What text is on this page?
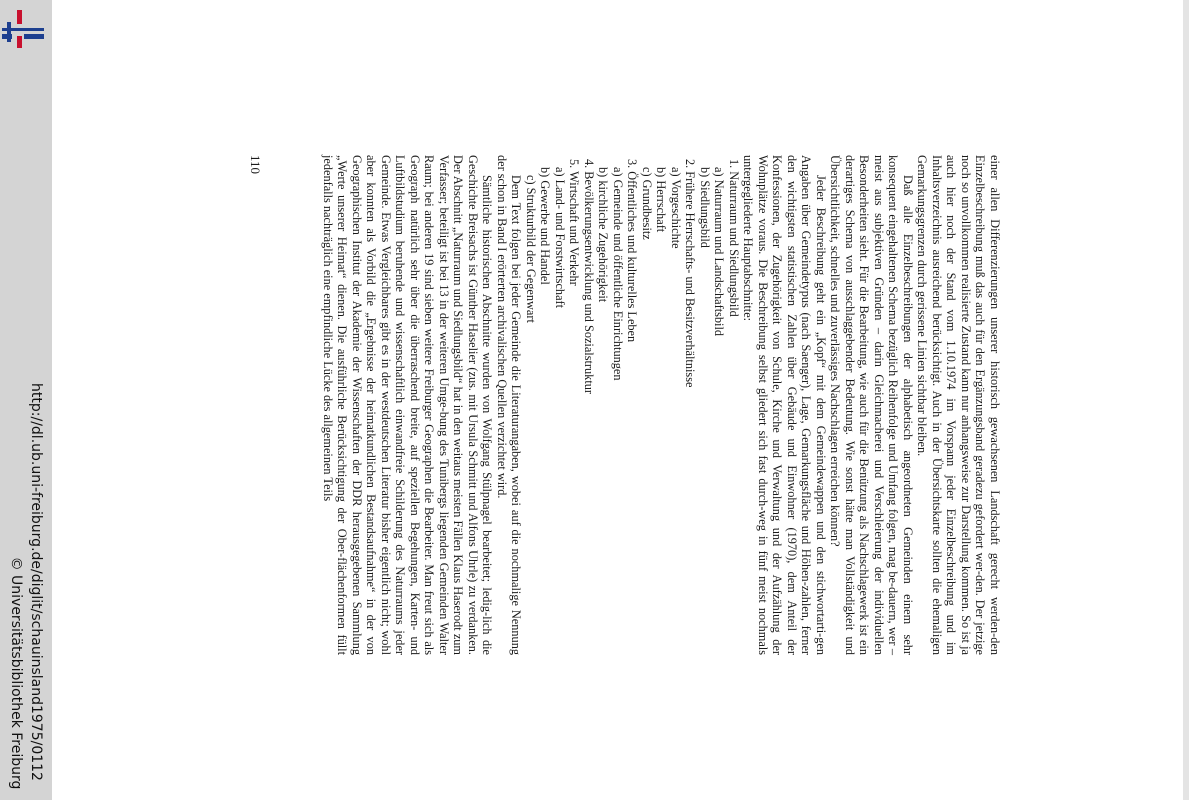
http://dl.ub.uni-freiburg.de/diglit/schauinsland1975/0112
© Universitätsbibliothek Freiburg

einer allen Differenzierungen unserer historisch gewachsenen Landschaft gerecht werden-den Einzelbeschreibung muß das auch für den Ergänzungsband geradezu gefordert wer-den. Der jetzige noch so unvollkommen realisierte Zustand kann nur anhangsweise zur Darstellung kommen. So ist ja auch hier noch der Stand vom 1.10.1974 im Vorspann jeder Einzelbeschreibung und im Inhaltsverzeichnis ausreichend berücksichtigt. Auch in der Übersichtskarte sollten die ehemaligen Gemarkungsgrenzen durch gerissene Linien sichtbar bleiben.

Daß alle Einzelbeschreibungen der alphabetisch angeordneten Gemeinden einem sehr konsequent eingehaltenen Schema bezüglich Reihenfolge und Umfang folgen, mag be-dauern, wer – meist aus subjektiven Gründen – darin Gleichmacherei und Verschleierung der individuellen Besonderheiten sieht. Für die Bearbeitung, wie auch für die Benützung als Nachschlagewerk ist ein derartiges Schema von ausschlaggebender Bedeutung. Wie sonst hätte man Vollständigkeit und Übersichtlichkeit, schnelles und zuverlässiges Nachschlagen erreichen können?

Jeder Beschreibung geht ein „Kopf“ mit dem Gemeindewappen und den stichwortarti-gen Angaben über Gemeindetypus (nach Saenger), Lage, Gemarkungsfläche und Höhen-zahlen, ferner den wichtigsten statistischen Zahlen über Gebäude und Einwohner (1970), dem Anteil der Konfessionen, der Zugehörigkeit von Schule, Kirche und Verwaltung und der Aufzählung der Wohnplätze voraus. Die Beschreibung selbst gliedert sich fast durch-weg in fünf meist nochmals untergegliederte Hauptabschnitte:

1. Naturraum und Siedlungsbild
a) Naturraum und Landschaftsbild
b) Siedlungsbild
2. Frühere Herrschafts- und Besitzverhältnisse
a) Vorgeschichte
b) Herrschaft
c) Grundbesitz
3. Öffentliches und kulturelles Leben
a) Gemeinde und öffentliche Einrichtungen
b) kirchliche Zugehörigkeit
4. Bevölkerungsentwicklung und Sozialstruktur
5. Wirtschaft und Verkehr
a) Land- und Forstwirtschaft
b) Gewerbe und Handel
c) Strukturbild der Gegenwart

Dem Text folgen bei jeder Gemeinde die Literaturangaben, wobei auf die nochmalige Nennung der schon in Band I erörterten archivalischen Quellen verzichtet wird.

Sämtliche historischen Abschnitte wurden von Wolfgang Stülpnagel bearbeitet; ledig-lich die Geschichte Breisachs ist Günther Haselier (zus. mit Ursula Schmitt und Alfons Uhrle) zu verdanken. Der Abschnitt „Naturraum und Siedlungsbild“ hat in den weitaus meisten Fällen Klaus Haserodt zum Verfasser; beteiligt ist bei 13 in der weiteren Umge-bung des Tunibergs liegenden Gemeinden Walter Raum; bei anderen 19 sind sieben weitere Freiburger Geographen die Bearbeiter. Man freut sich als Geograph natürlich sehr über die überraschend breite, auf speziellen Begehungen, Karten- und Luftbildstudium beruhende und wissenschaftlich einwandfreie Schilderung des Naturraums jeder Gemeinde. Etwas Vergleichbares gibt es in der westdeutschen Literatur bisher eigentlich nicht; wohl aber konnten als Vorbild die „Ergebnisse der heimatkundlichen Bestandsaufnahme“ in der von Geographischen Institut der Akademie der Wissenschaften der DDR herausgegebenen Sammlung „Werte unserer Heimat“ dienen. Die ausführliche Berücksichtigung der Ober-flächenformen füllt jedenfalls nachträglich eine empfindliche Lücke des allgemeinen Teils

110
